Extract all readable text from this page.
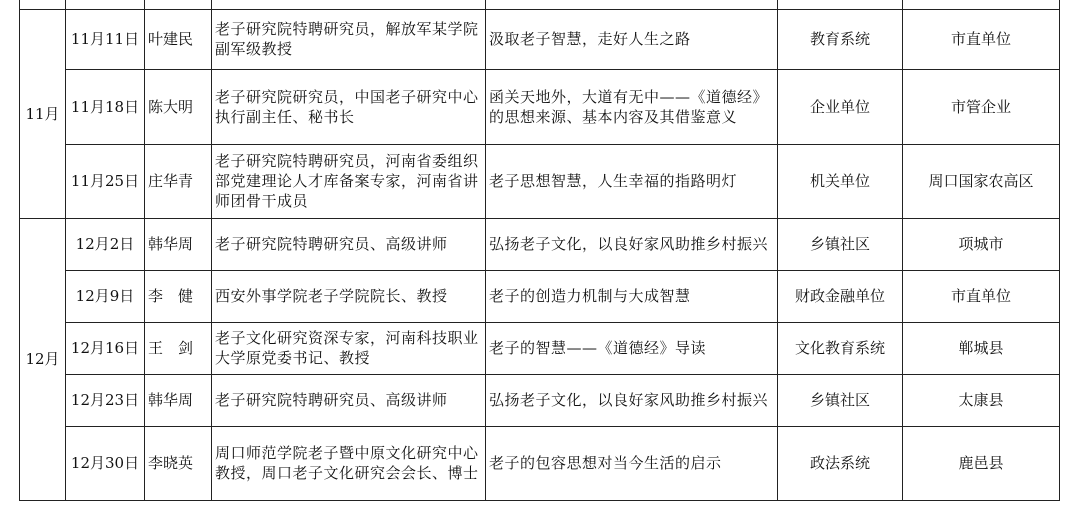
11月	11月11日	叶建民	老子研究院特聘研究员，解放军某学院副军级教授	汲取老子智慧，走好人生之路	教育系统	市直单位
	11月18日	陈大明	老子研究院研究员，中国老子研究中心执行副主任、秘书长	函关天地外，大道有无中——《道德经》的思想来源、基本内容及其借鉴意义	企业单位	市管企业
	11月25日	庄华青	老子研究院特聘研究员，河南省委组织部党建理论人才库备案专家，河南省讲师团骨干成员	老子思想智慧，人生幸福的指路明灯	机关单位	周口国家农高区
12月	12月2日	韩华周	老子研究院特聘研究员、高级讲师	弘扬老子文化，以良好家风助推乡村振兴	乡镇社区	项城市
	12月9日	李　健	西安外事学院老子学院院长、教授	老子的创造力机制与大成智慧	财政金融单位	市直单位
	12月16日	王　剑	老子文化研究资深专家，河南科技职业大学原党委书记、教授	老子的智慧——《道德经》导读	文化教育系统	郸城县
	12月23日	韩华周	老子研究院特聘研究员、高级讲师	弘扬老子文化，以良好家风助推乡村振兴	乡镇社区	太康县
	12月30日	李晓英	周口师范学院老子暨中原文化研究中心教授，周口老子文化研究会会长、博士	老子的包容思想对当今生活的启示	政法系统	鹿邑县
